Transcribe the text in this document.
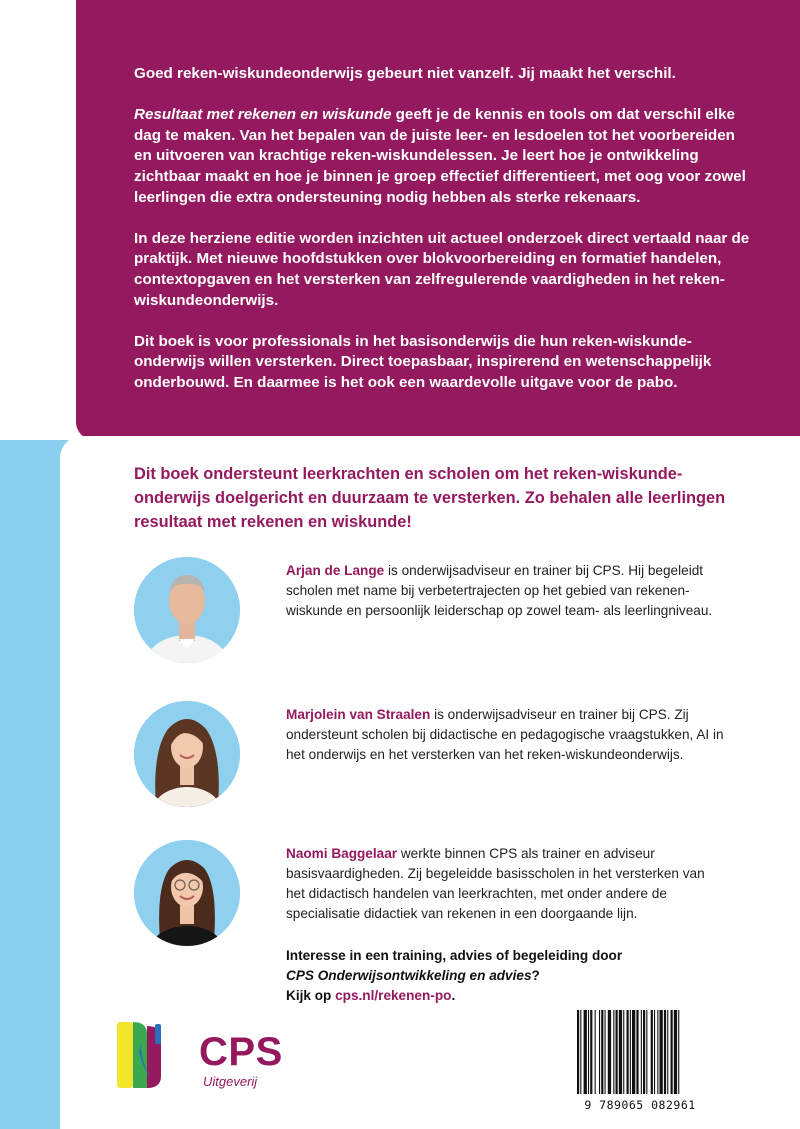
Goed reken-wiskundeonderwijs gebeurt niet vanzelf. Jij maakt het verschil.

Resultaat met rekenen en wiskunde geeft je de kennis en tools om dat verschil elke dag te maken. Van het bepalen van de juiste leer- en lesdoelen tot het voorbereiden en uitvoeren van krachtige reken-wiskundelessen. Je leert hoe je ontwikkeling zichtbaar maakt en hoe je binnen je groep effectief differentieert, met oog voor zowel leerlingen die extra ondersteuning nodig hebben als sterke rekenaars.

In deze herziene editie worden inzichten uit actueel onderzoek direct vertaald naar de praktijk. Met nieuwe hoofdstukken over blokvoorbereiding en formatief handelen, contextopgaven en het versterken van zelfregulerende vaardigheden in het reken-wiskundeonderwijs.

Dit boek is voor professionals in het basisonderwijs die hun reken-wiskunde-onderwijs willen versterken. Direct toepasbaar, inspirerend en wetenschappelijk onderbouwd. En daarmee is het ook een waardevolle uitgave voor de pabo.

Dit boek ondersteunt leerkrachten en scholen om het reken-wiskunde-onderwijs doelgericht en duurzaam te versterken. Zo behalen alle leerlingen resultaat met rekenen en wiskunde!

Arjan de Lange is onderwijsadviseur en trainer bij CPS. Hij begeleidt scholen met name bij verbetertrajecten op het gebied van rekenen-wiskunde en persoonlijk leiderschap op zowel team- als leerlingniveau.

Marjolein van Straalen is onderwijsadviseur en trainer bij CPS. Zij ondersteunt scholen bij didactische en pedagogische vraagstukken, AI in het onderwijs en het versterken van het reken-wiskundeonderwijs.

Naomi Baggelaar werkte binnen CPS als trainer en adviseur basisvaardigheden. Zij begeleidde basisscholen in het versterken van het didactisch handelen van leerkrachten, met onder andere de specialisatie didactiek van rekenen in een doorgaande lijn.

Interesse in een training, advies of begeleiding door
CPS Onderwijsontwikkeling en advies?
Kijk op cps.nl/rekenen-po.

CPS
Uitgeverij
9 789065 082961
